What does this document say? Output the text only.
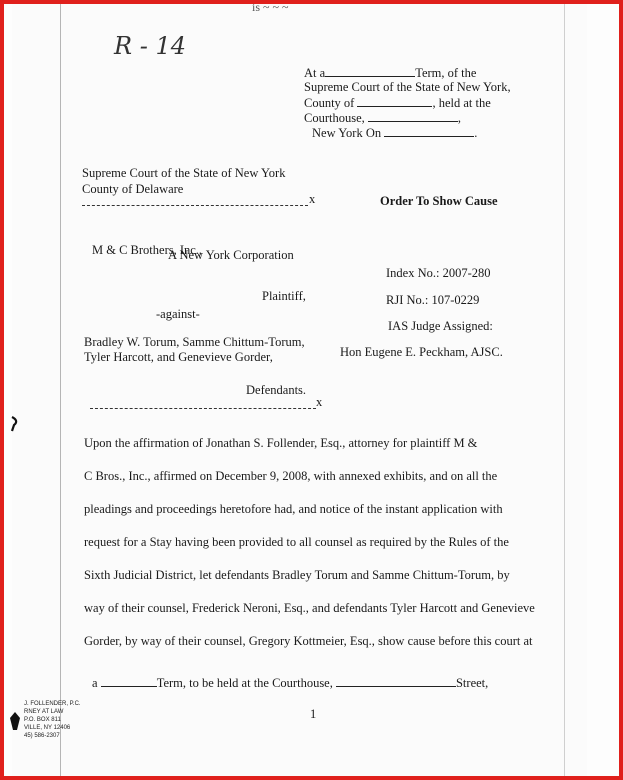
is ~ ~ ~
R - 14
At a	Term, of the
Supreme Court of the State of New York,
County of	, held at the
Courthouse,	,
New York On	.
Supreme Court of the State of New York
County of Delaware
x	Order To Show Cause
M & C Brothers, Inc.,
A New York Corporation
Plaintiff,
-against-
Index No.: 2007-280
RJI No.: 107-0229
IAS Judge Assigned:
Hon Eugene E. Peckham, AJSC.
Bradley W. Torum, Samme Chittum-Torum,
Tyler Harcott, and Genevieve Gorder,
Defendants.
x
Upon the affirmation of Jonathan S. Follender, Esq., attorney for plaintiff M &
C Bros., Inc., affirmed on December 9, 2008, with annexed exhibits, and on all the
pleadings and proceedings heretofore had, and notice of the instant application with
request for a Stay having been provided to all counsel as required by the Rules of the
Sixth Judicial District, let defendants Bradley Torum and Samme Chittum-Torum, by
way of their counsel, Frederick Neroni, Esq., and defendants Tyler Harcott and Genevieve
Gorder, by way of their counsel, Gregory Kottmeier, Esq., show cause before this court at
a	Term, to be held at the Courthouse,	Street,
1
J. FOLLENDER, P.C.
RNEY AT LAW
P.O. BOX 811
VILLE, NY 12406
45) 586-2307
